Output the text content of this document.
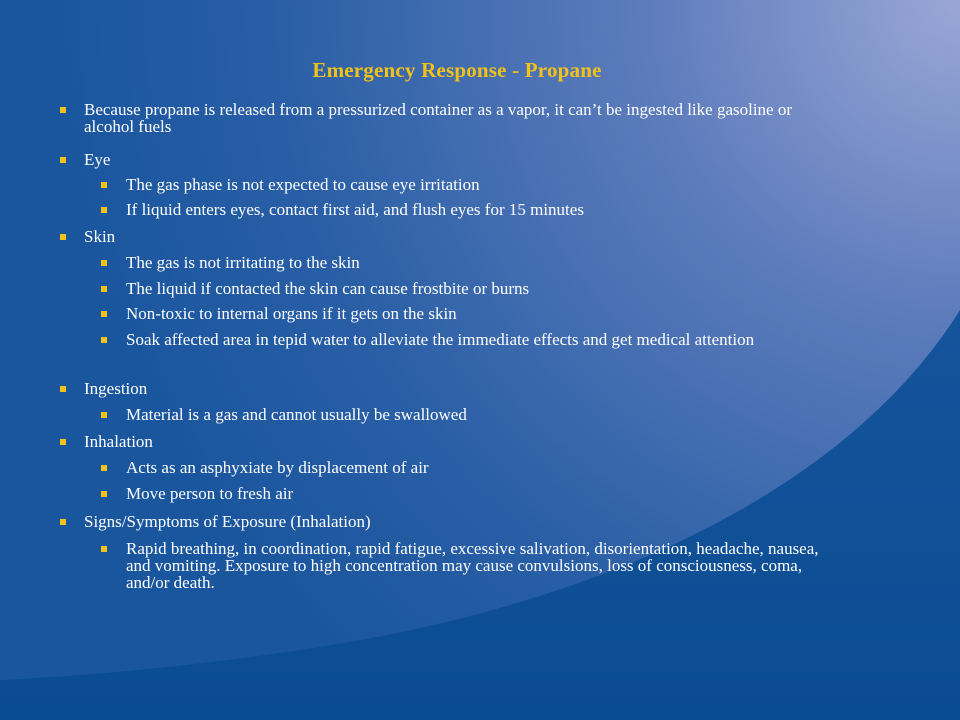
Emergency Response - Propane
Because propane is released from a pressurized container as a vapor, it can’t be ingested like gasoline or alcohol fuels
Eye
The gas phase is not expected to cause eye irritation
If liquid enters eyes, contact first aid, and flush eyes for 15 minutes
Skin
The gas is not irritating to the skin
The liquid if contacted the skin can cause frostbite or burns
Non-toxic to internal organs if it gets on the skin
Soak affected area in tepid water to alleviate the immediate effects and get medical attention
Ingestion
Material is a gas and cannot usually be swallowed
Inhalation
Acts as an asphyxiate by displacement of air
Move person to fresh air
Signs/Symptoms of Exposure (Inhalation)
Rapid breathing, in coordination, rapid fatigue, excessive salivation, disorientation, headache, nausea, and vomiting. Exposure to high concentration may cause convulsions, loss of consciousness, coma, and/or death.
